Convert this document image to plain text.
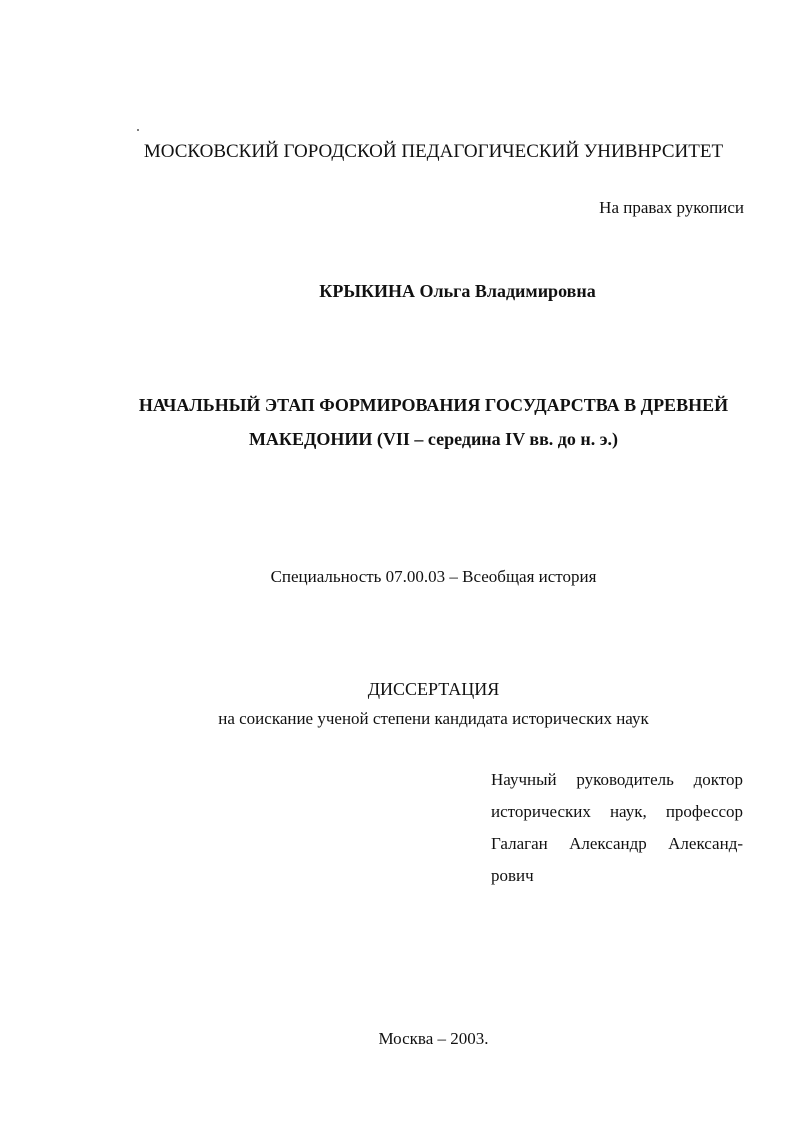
МОСКОВСКИЙ ГОРОДСКОЙ ПЕДАГОГИЧЕСКИЙ УНИВНРСИТЕТ
На правах рукописи
КРЫКИНА Ольга Владимировна
НАЧАЛЬНЫЙ ЭТАП ФОРМИРОВАНИЯ ГОСУДАРСТВА В ДРЕВНЕЙ
МАКЕДОНИИ (VII – середина IV вв. до н. э.)
Специальность 07.00.03 – Всеобщая история
ДИССЕРТАЦИЯ
на соискание ученой степени кандидата исторических наук
Научный руководитель доктор
исторических наук, профессор
Галаган Александр Александ-
рович
Москва – 2003.
